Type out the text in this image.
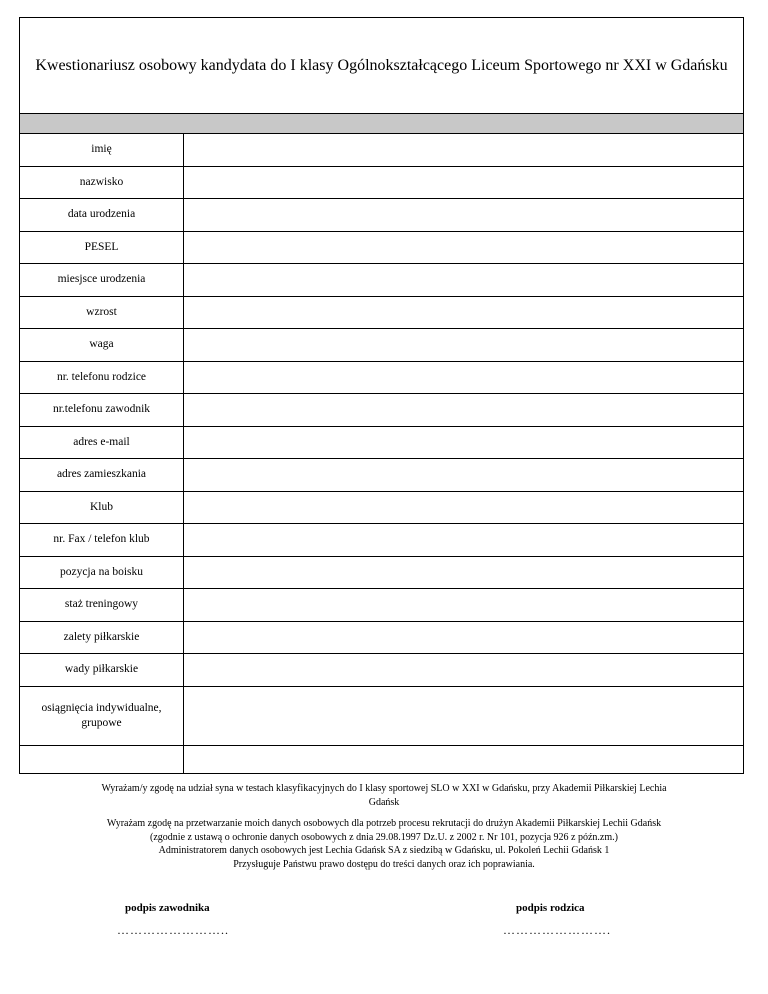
Kwestionariusz osobowy kandydata do I klasy Ogólnokształcącego Liceum Sportowego nr XXI w Gdańsku
imię
nazwisko
data urodzenia
PESEL
miesjsce urodzenia
wzrost
waga
nr. telefonu rodzice
nr.telefonu zawodnik
adres e-mail
adres zamieszkania
Klub
nr. Fax / telefon klub
pozycja na boisku
staż treningowy
zalety piłkarskie
wady piłkarskie
osiągnięcia indywidualne, grupowe

Wyrażam/y zgodę na udział syna w testach klasyfikacyjnych do I klasy sportowej SLO w XXI w Gdańsku, przy Akademii Piłkarskiej Lechia Gdańsk

Wyrażam zgodę na przetwarzanie moich danych osobowych dla potrzeb procesu rekrutacji do drużyn Akademii Piłkarskiej Lechii Gdańsk (zgodnie z ustawą o ochronie danych osobowych z dnia 29.08.1997 Dz.U. z 2002 r. Nr 101, pozycja 926 z późn.zm.)

Administratorem danych osobowych jest Lechia Gdańsk SA z siedzibą w Gdańsku, ul. Pokoleń Lechii Gdańsk 1

Przysługuje Państwu prawo dostępu do treści danych oraz ich poprawiania.

podpis zawodnika	podpis rodzica
……………………..	…………………….
